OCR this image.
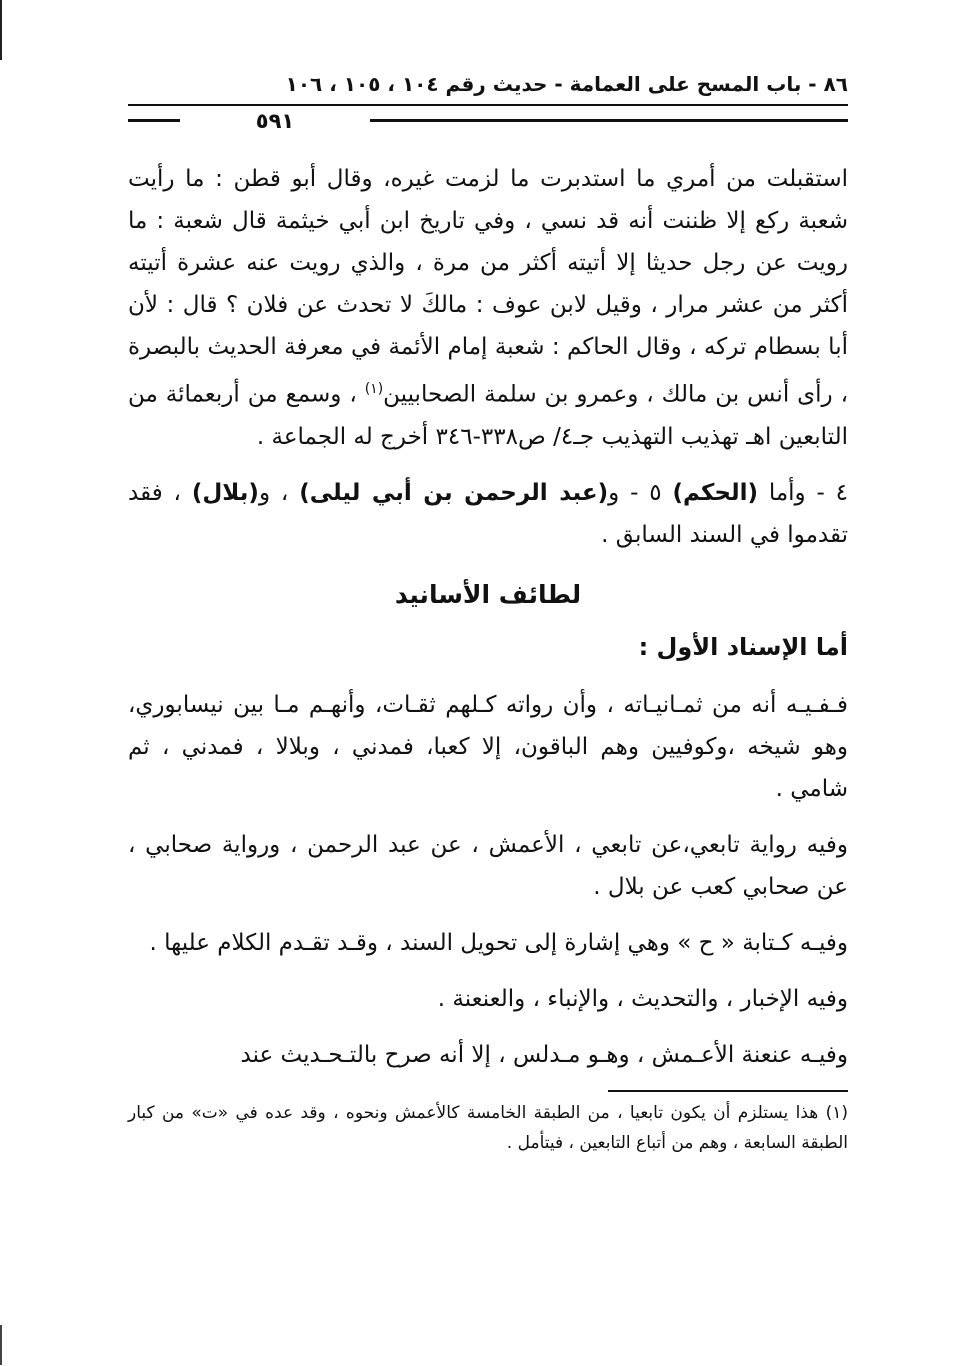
٨٦ - باب المسح على العمامة - حديث رقم ١٠٤ ، ١٠٥ ، ١٠٦
٥٩١

استقبلت من أمري ما استدبرت ما لزمت غيره، وقال أبو قطن : ما رأيت شعبة ركع إلا ظننت أنه قد نسي ، وفي تاريخ ابن أبي خيثمة قال شعبة : ما رويت عن رجل حديثا إلا أتيته أكثر من مرة ، والذي رويت عنه عشرة أتيته أكثر من عشر مرار ، وقيل لابن عوف : مالكَ لا تحدث عن فلان ؟ قال : لأن أبا بسطام تركه ، وقال الحاكم : شعبة إمام الأئمة في معرفة الحديث بالبصرة ، رأى أنس بن مالك ، وعمرو بن سلمة الصحابيين$^{(١)}$ ، وسمع من أربعمائة من التابعين اهـ تهذيب التهذيب جـ٤/ ص٣٣٨-٣٤٦ أخرج له الجماعة .

٤ - وأما (الحكم) ٥ - و(عبد الرحمن بن أبي ليلى) ، و(بلال) ، فقد تقدموا في السند السابق .

لطائف الأسانيد
أما الإسناد الأول :

فـفـيـه أنه من ثمـانيـاته ، وأن رواته كـلهم ثقـات، وأنهـم مـا بين نيسابوري، وهو شيخه ،وكوفيين وهم الباقون، إلا كعبا، فمدني ، وبلالا ، فمدني ، ثم شامي .

وفيه رواية تابعي،عن تابعي ، الأعمش ، عن عبد الرحمن ، ورواية صحابي ، عن صحابي كعب عن بلال .

وفيـه كـتابة « ح » وهي إشارة إلى تحويل السند ، وقـد تقـدم الكلام عليها .

وفيه الإخبار ، والتحديث ، والإنباء ، والعنعنة .

وفيـه عنعنة الأعـمش ، وهـو مـدلس ، إلا أنه صرح بالتـحـديث عند

(١) هذا يستلزم أن يكون تابعيا ، من الطبقة الخامسة كالأعمش ونحوه ، وقد عده في «ت» من كبار الطبقة السابعة ، وهم من أتباع التابعين ، فيتأمل .
